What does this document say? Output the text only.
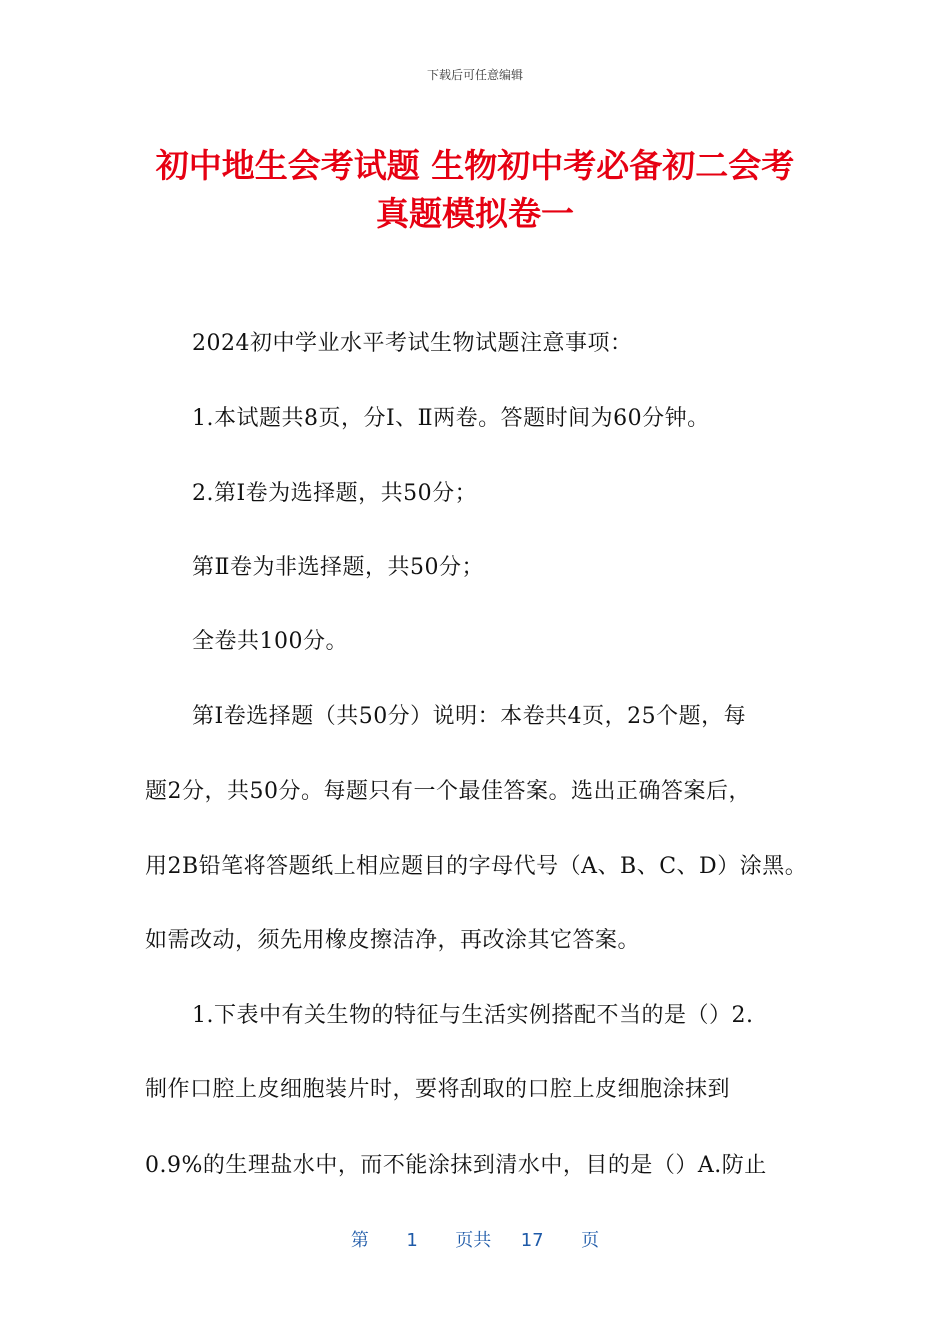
下载后可任意编辑
初中地生会考试题 生物初中考必备初二会考
真题模拟卷一

2024初中学业水平考试生物试题注意事项：

1.本试题共8页，分Ⅰ、Ⅱ两卷。答题时间为60分钟。

2.第Ⅰ卷为选择题，共50分；

第Ⅱ卷为非选择题，共50分；

全卷共100分。

第Ⅰ卷选择题（共50分）说明：本卷共4页，25个题，每

题2分，共50分。每题只有一个最佳答案。选出正确答案后，

用2B铅笔将答题纸上相应题目的字母代号（A、B、C、D）涂黑。

如需改动，须先用橡皮擦洁净，再改涂其它答案。

1.下表中有关生物的特征与生活实例搭配不当的是（）2.

制作口腔上皮细胞装片时，要将刮取的口腔上皮细胞涂抹到

0.9%的生理盐水中，而不能涂抹到清水中，目的是（）A.防止

第 1 页共 17 页
